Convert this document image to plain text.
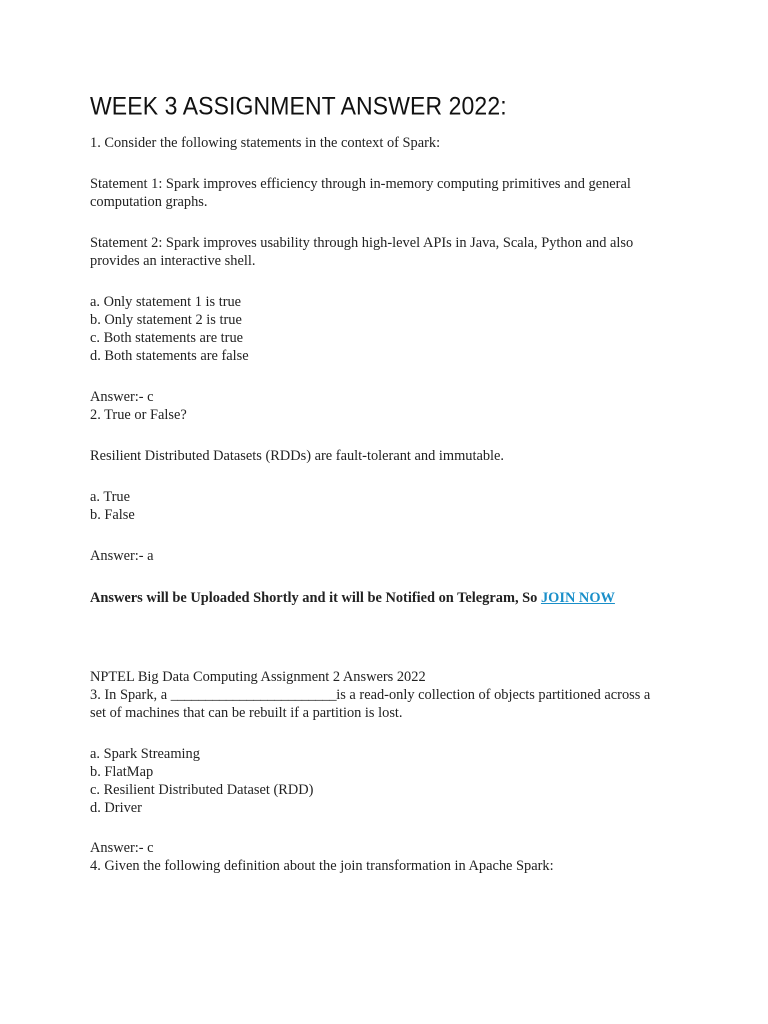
WEEK 3 ASSIGNMENT ANSWER 2022:

1. Consider the following statements in the context of Spark:

Statement 1: Spark improves efficiency through in-memory computing primitives and general

computation graphs.

Statement 2: Spark improves usability through high-level APIs in Java, Scala, Python and also

provides an interactive shell.

a. Only statement 1 is true

b. Only statement 2 is true

c. Both statements are true

d. Both statements are false

Answer:- c

2. True or False?

Resilient Distributed Datasets (RDDs) are fault-tolerant and immutable.

a. True

b. False

Answer:- a

Answers will be Uploaded Shortly and it will be Notified on Telegram, So JOIN NOW

NPTEL Big Data Computing Assignment 2 Answers 2022

3. In Spark, a ________________________is a read-only collection of objects partitioned across a

set of machines that can be rebuilt if a partition is lost.

a. Spark Streaming

b. FlatMap

c. Resilient Distributed Dataset (RDD)

d. Driver

Answer:- c

4. Given the following definition about the join transformation in Apache Spark:
